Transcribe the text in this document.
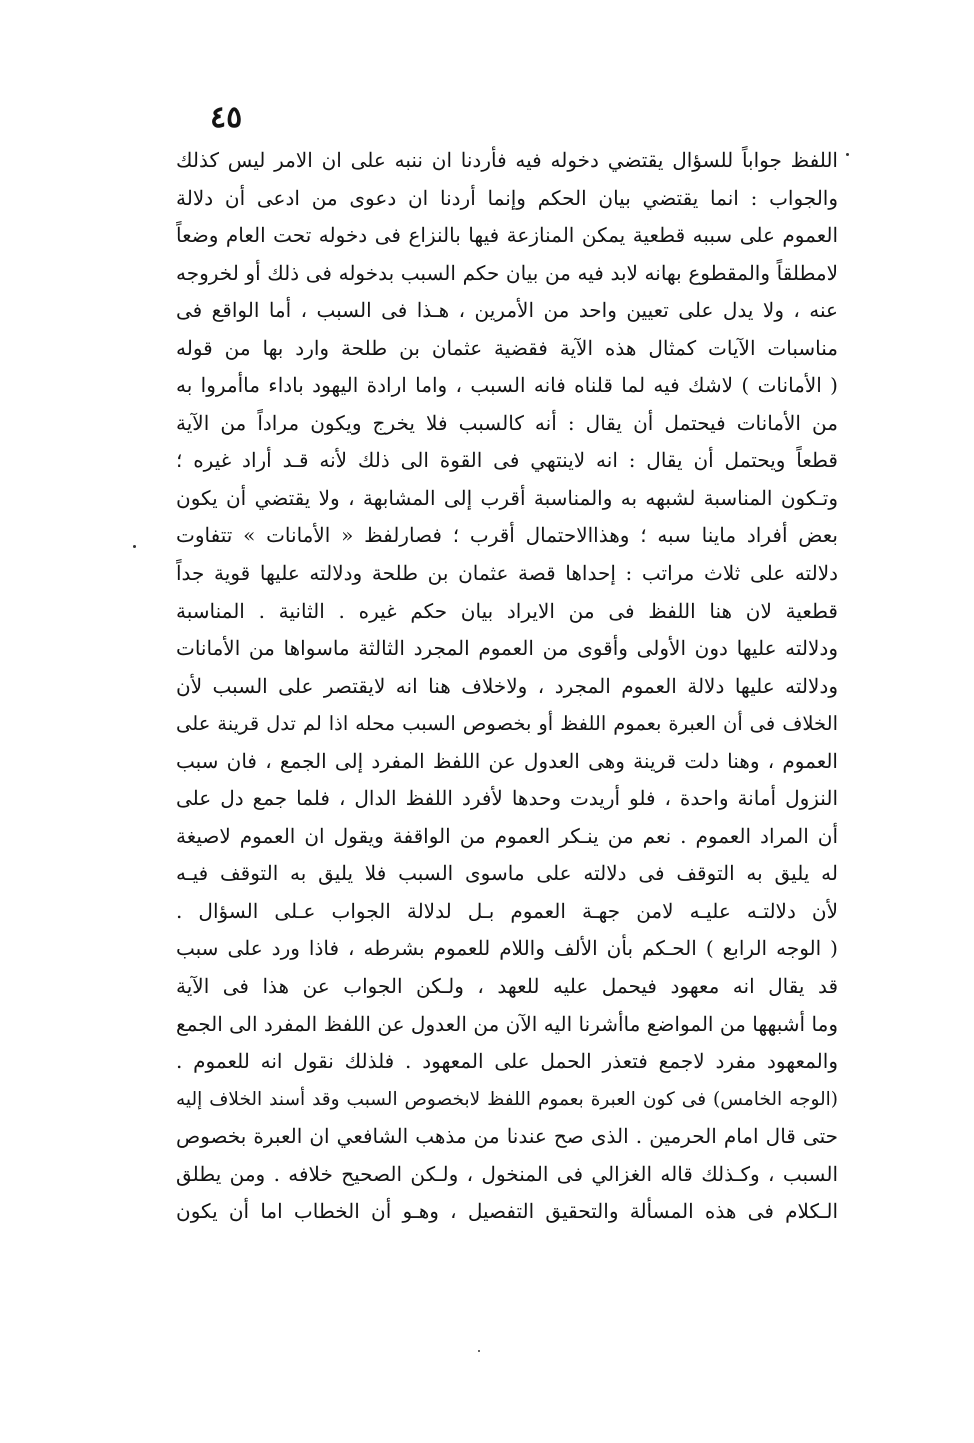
٤٥
اللفظ جواباً للسؤال يقتضي دخوله فيه فأردنا ان ننبه على ان الامر ليس كذلك
والجواب : انما يقتضي بيان الحكم وإنما أردنا ان دعوى من ادعى أن دلالة
العموم على سببه قطعية يمكن المنازعة فيها بالنزاع فى دخوله تحت العام وضعاً
لامطلقاً والمقطوع بهانه لابد فيه من بيان حكم السبب بدخوله فى ذلك أو لخروجه
عنه ، ولا يدل على تعيين واحد من الأمرين ، هـذا فى السبب ، أما الواقع فى
مناسبات الآيات كمثال هذه الآية فقضية عثمان بن طلحة وارد بها من قوله
( الأمانات ) لاشك فيه لما قلناه فانه السبب ، واما ارادة اليهود باداء ماأمروا به
من الأمانات فيحتمل أن يقال : أنه كالسبب فلا يخرج ويكون مراداً من الآية
قطعاً ويحتمل أن يقال : انه لاينتهي فى القوة الى ذلك لأنه قـد أراد غيره ؛
وتـكون المناسبة لشبهه به والمناسبة أقرب إلى المشابهة ، ولا يقتضي أن يكون
بعض أفراد ماينا سبه ؛ وهذاالاحتمال أقرب ؛ فصارلفظ « الأمانات » تتفاوت
دلالته على ثلاث مراتب : إحداها قصة عثمان بن طلحة ودلالته عليها قوية جداً
قطعية لان هنا اللفظ فى من الايراد بيان حكم غيره . الثانية . المناسبة
ودلالته عليها دون الأولى وأقوى من العموم المجرد الثالثة ماسواها من الأمانات
ودلالته عليها دلالة العموم المجرد ، ولاخلاف هنا انه لايقتصر على السبب لأن
الخلاف فى أن العبرة بعموم اللفظ أو بخصوص السبب محله اذا لم تدل قرينة على
العموم ، وهنا دلت قرينة وهى العدول عن اللفظ المفرد إلى الجمع ، فان سبب
النزول أمانة واحدة ، فلو أريدت وحدها لأفرد اللفظ الدال ، فلما جمع دل على
أن المراد العموم . نعم من ينـكر العموم من الواقفة ويقول ان العموم لاصيغة
له يليق به التوقف فى دلالته على ماسوى السبب فلا يليق به التوقف فيـه
لأن دلالتـه عليـه لامن جهـة العموم بـل لدلالة الجواب عـلى السؤال .
( الوجه الرابع ) الحـكم بأن الألف واللام للعموم بشرطه ، فاذا ورد على سبب
قد يقال انه معهود فيحمل عليه للعهد ، ولـكن الجواب عن هذا فى الآية
وما أشبهها من المواضع ماأشرنا اليه الآن من العدول عن اللفظ المفرد الى الجمع
والمعهود مفرد لاجمع فتعذر الحمل على المعهود . فلذلك نقول انه للعموم .
(الوجه الخامس) فى كون العبرة بعموم اللفظ لابخصوص السبب وقد أسند الخلاف إليه
حتى قال امام الحرمين . الذى صح عندنا من مذهب الشافعي ان العبرة بخصوص
السبب ، وكـذلك قاله الغزالي فى المنخول ، ولـكن الصحيح خلافه . ومن يطلق
الـكلام فى هذه المسألة والتحقيق التفصيل ، وهـو أن الخطاب اما أن يكون
